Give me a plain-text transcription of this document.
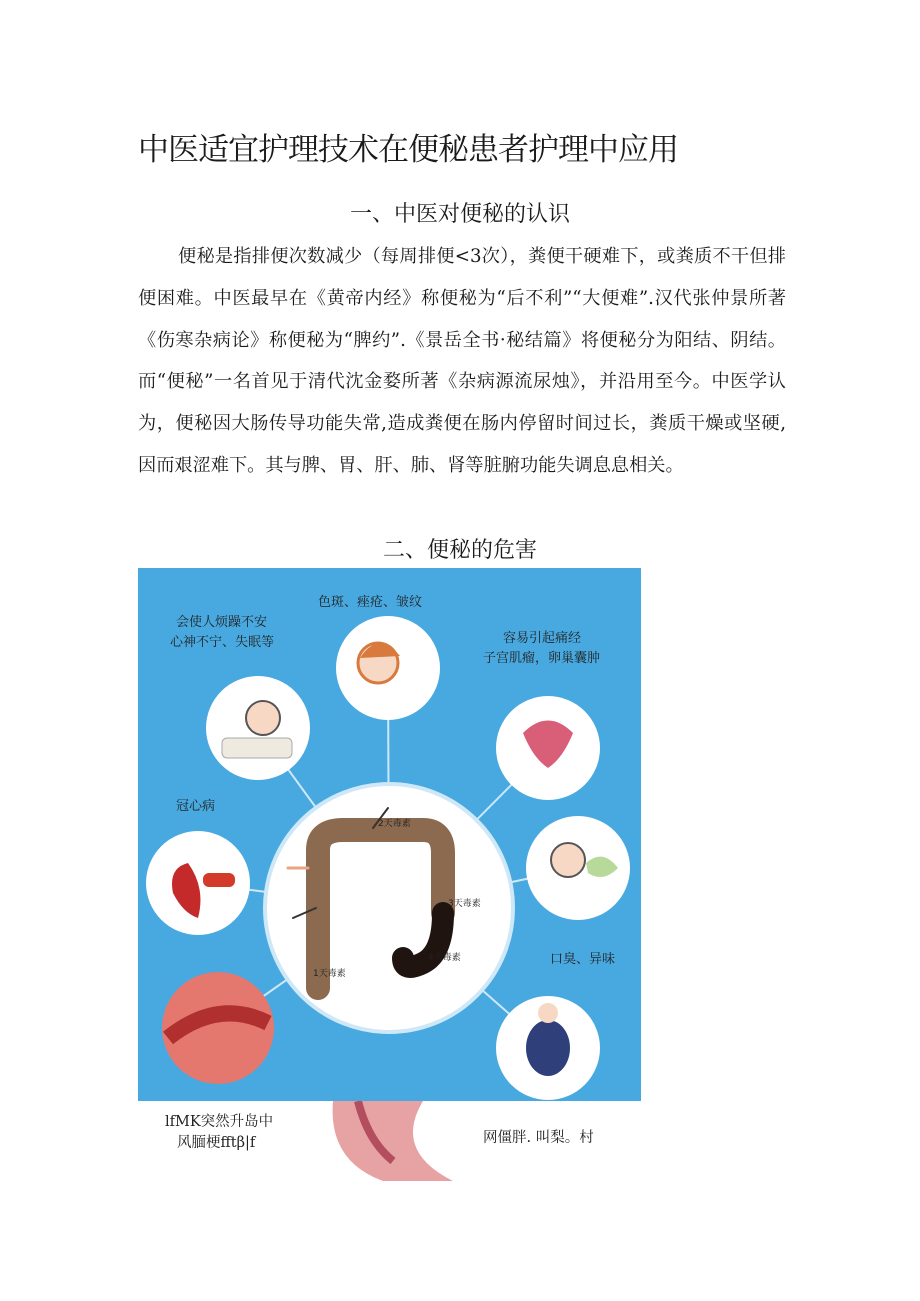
中医适宜护理技术在便秘患者护理中应用
一、中医对便秘的认识

便秘是指排便次数减少（每周排便<3次），粪便干硬难下，或粪质不干但排便困难。中医最早在《黄帝内经》称便秘为“后不利”“大便难”.汉代张仲景所著《伤寒杂病论》称便秘为“脾约”.《景岳全书·秘结篇》将便秘分为阳结、阴结。而“便秘”一名首见于清代沈金婺所著《杂病源流尿烛》，并沿用至今。中医学认为，便秘因大肠传导功能失常,造成粪便在肠内停留时间过长，粪质干燥或坚硬,因而艰涩难下。其与脾、胃、肝、肺、肾等脏腑功能失调息息相关。

二、便秘的危害
2天毒素
3天毒素
4天毒素
1天毒素
色斑、痤疮、皱纹
会使人烦躁不安
心神不宁、失眠等	容易引起痛经
子宫肌瘤，卵巢囊肿
冠心病
口臭、异味
lfMK突然升岛中
风腼梗fftβ|f	网僵胖. 叫梨。村
